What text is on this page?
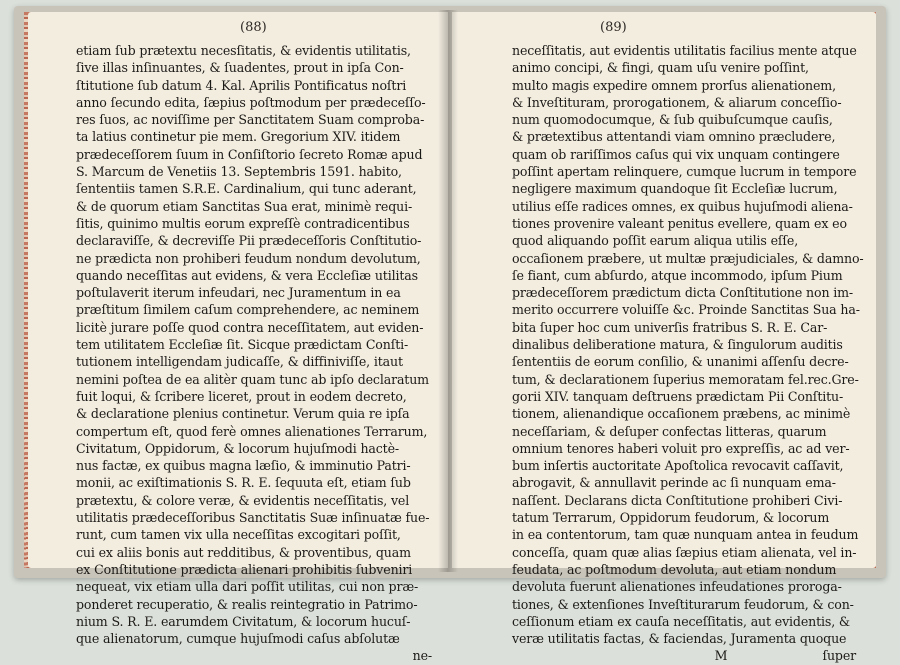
(88)
etiam ſub prætextu necesſitatis, & evidentis utilitatis,
ſive illas inſinuantes, & ſuadentes, prout in ipſa Con-
ſtitutione ſub datum 4. Kal. Aprilis Pontificatus noſtri
anno ſecundo edita, ſæpius poſtmodum per prædeceſſo-
res ſuos, ac noviſſime per Sanctitatem Suam comproba-
ta latius continetur pie mem. Gregorium XIV. itidem
prædeceſſorem ſuum in Conſiſtorio ſecreto Romæ apud
S. Marcum de Venetiis 13. Septembris 1591. habito,
ſententiis tamen S.R.E. Cardinalium, qui tunc aderant,
& de quorum etiam Sanctitas Sua erat, minimè requi-
ſitis, quinimo multis eorum expreſſè contradicentibus
declaraviſſe, & decreviſſe Pii prædeceſſoris Conſtitutio-
ne prædicta non prohiberi feudum nondum devolutum,
quando neceſſitas aut evidens, & vera Eccleſiæ utilitas
poſtulaverit iterum infeudari, nec Juramentum in ea
præſtitum ſimilem caſum comprehendere, ac neminem
licitè jurare poſſe quod contra neceſſitatem, aut eviden-
tem utilitatem Eccleſiæ ſit. Sicque prædictam Conſti-
tutionem intelligendam judicaſſe, & diffiniviſſe, itaut
nemini poſtea de ea alitèr quam tunc ab ipſo declaratum
fuit loqui, & ſcribere liceret, prout in eodem decreto,
& declaratione plenius continetur. Verum quia re ipſa
compertum eſt, quod ferè omnes alienationes Terrarum,
Civitatum, Oppidorum, & locorum hujuſmodi hactè-
nus factæ, ex quibus magna læſio, & imminutio Patri-
monii, ac exiſtimationis S. R. E. ſequuta eſt, etiam ſub
prætextu, & colore veræ, & evidentis neceſſitatis, vel
utilitatis prædeceſſoribus Sanctitatis Suæ inſinuatæ fue-
runt, cum tamen vix ulla neceſſitas excogitari poſſit,
cui ex aliis bonis aut redditibus, & proventibus, quam
ex Conſtitutione prædicta alienari prohibitis ſubveniri
nequeat, vix etiam ulla dari poſſit utilitas, cui non præ-
ponderet recuperatio, & realis reintegratio in Patrimo-
nium S. R. E. earumdem Civitatum, & locorum hucuſ-
que alienatorum, cumque hujuſmodi caſus abſolutæ
ne-
(89)
neceſſitatis, aut evidentis utilitatis facilius mente atque
animo concipi, & fingi, quam uſu venire poſſint,
multo magis expedire omnem prorſus alienationem,
& Inveſtituram, prorogationem, & aliarum conceſſio-
num quomodocumque, & ſub quibuſcumque cauſis,
& prætextibus attentandi viam omnino præcludere,
quam ob rariſſimos caſus qui vix unquam contingere
poſſint apertam relinquere, cumque lucrum in tempore
negligere maximum quandoque ſit Eccleſiæ lucrum,
utilius eſſe radices omnes, ex quibus hujuſmodi aliena-
tiones provenire valeant penitus evellere, quam ex eo
quod aliquando poſſit earum aliqua utilis eſſe,
occaſionem præbere, ut multæ præjudiciales, & damno-
ſe fiant, cum abſurdo, atque incommodo, ipſum Pium
prædeceſſorem prædictum dicta Conſtitutione non im-
merito occurrere voluiſſe &c. Proinde Sanctitas Sua ha-
bita ſuper hoc cum univerſis fratribus S. R. E. Car-
dinalibus deliberatione matura, & ſingulorum auditis
ſententiis de eorum conſilio, & unanimi aſſenſu decre-
tum, & declarationem ſuperius memoratam fel.rec.Gre-
gorii XIV. tanquam deſtruens prædictam Pii Conſtitu-
tionem, alienandique occaſionem præbens, ac minimè
neceſſariam, & deſuper confectas litteras, quarum
omnium tenores haberi voluit pro expreſſis, ac ad ver-
bum inſertis auctoritate Apoſtolica revocavit caſſavit,
abrogavit, & annullavit perinde ac ſi nunquam ema-
naſſent. Declarans dicta Conſtitutione prohiberi Civi-
tatum Terrarum, Oppidorum feudorum, & locorum
in ea contentorum, tam quæ nunquam antea in feudum
conceſſa, quam quæ alias ſæpius etiam alienata, vel in-
feudata, ac poſtmodum devoluta, aut etiam nondum
devoluta fuerunt alienationes infeudationes proroga-
tiones, & extenſiones Inveſtiturarum feudorum, & con-
ceſſionum etiam ex cauſa neceſſitatis, aut evidentis, &
veræ utilitatis factas, & faciendas, Juramenta quoque
M	ſuper
